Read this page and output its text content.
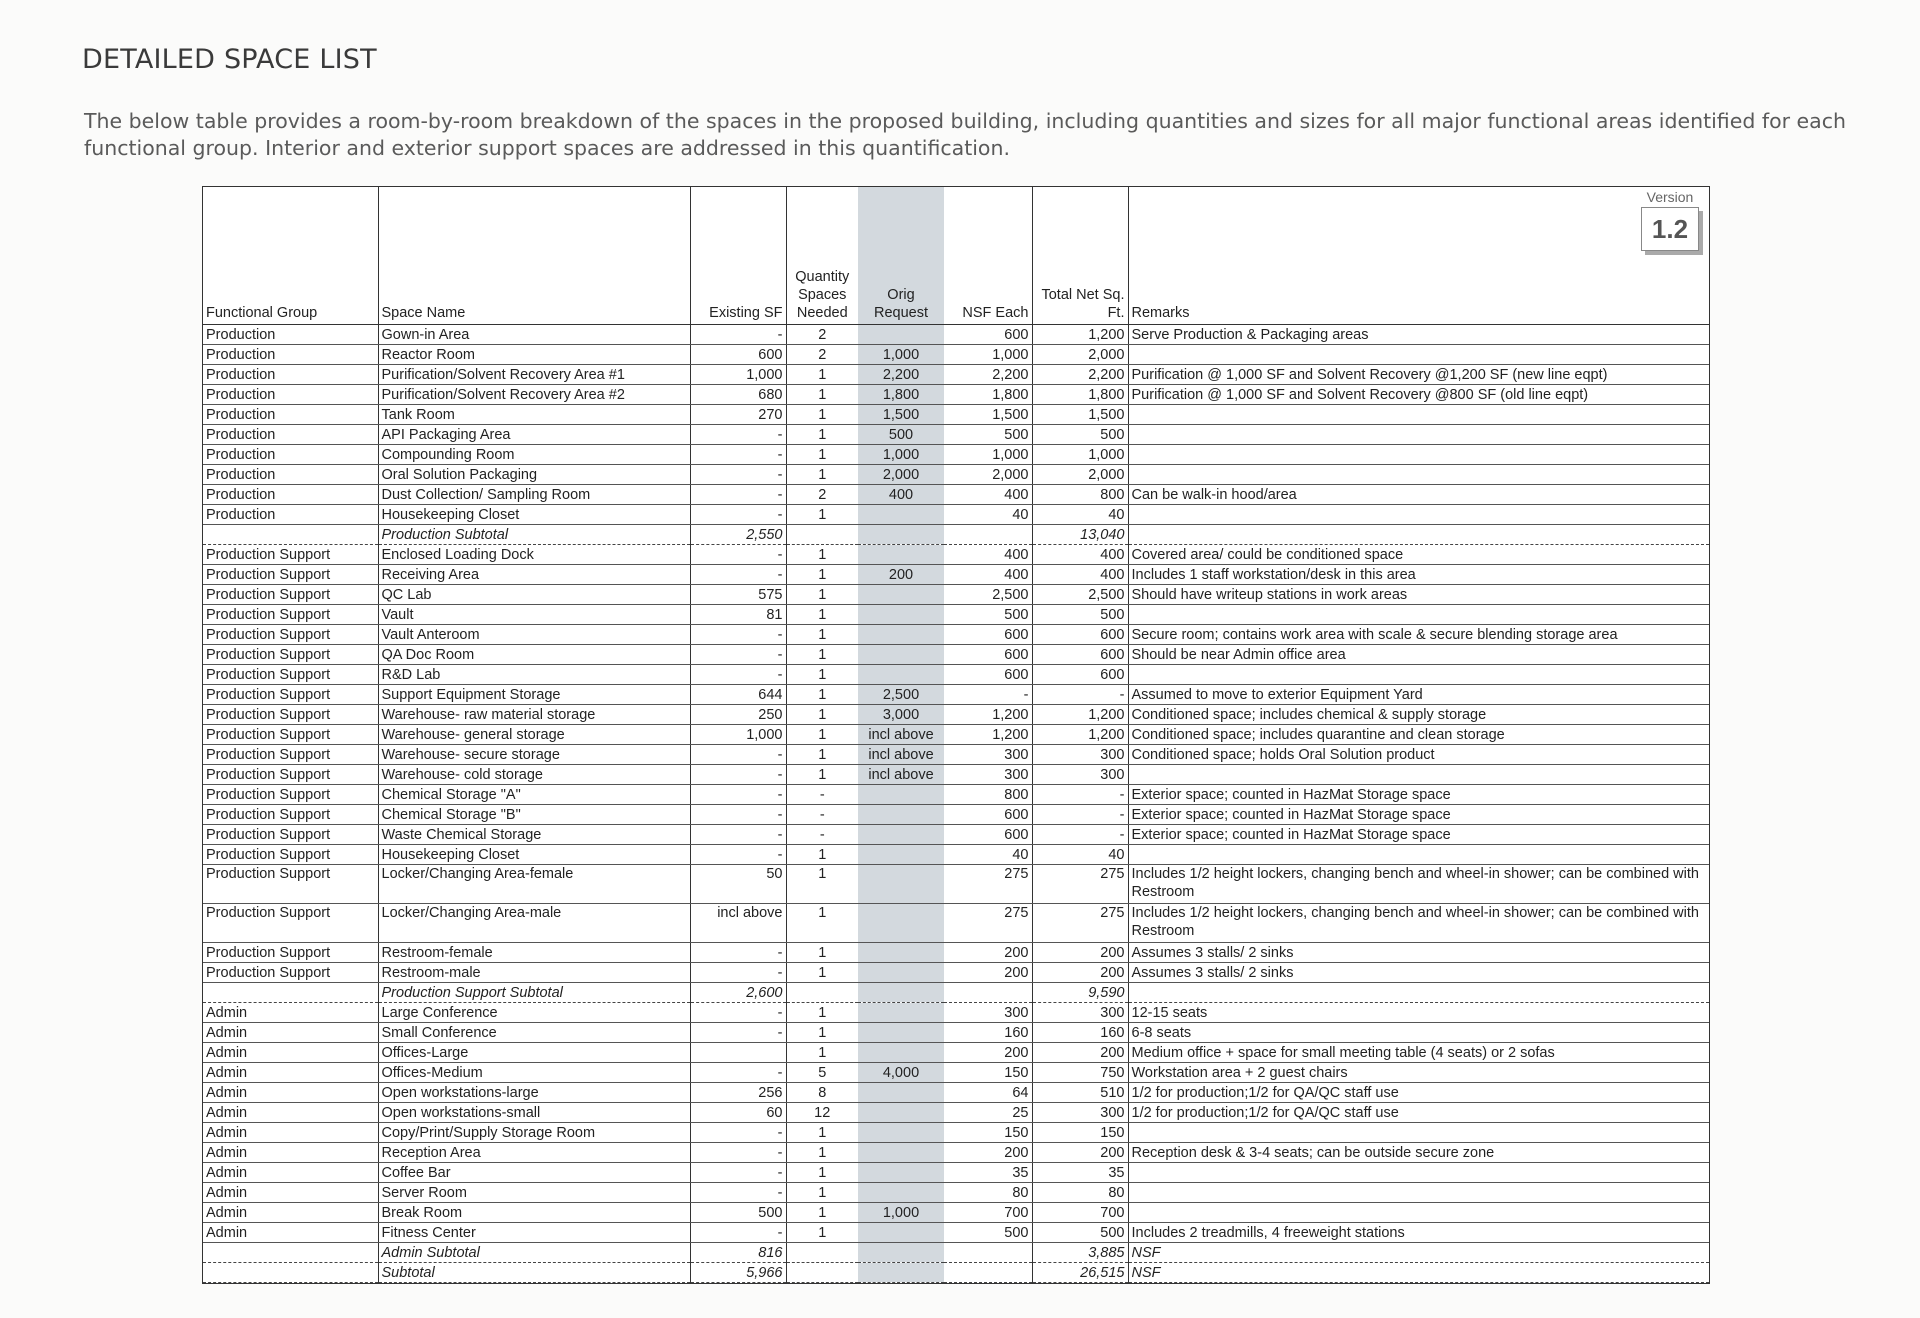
DETAILED SPACE LIST

The below table provides a room-by-room breakdown of the spaces in the proposed building, including quantities and sizes for all major functional areas identified for each functional group. Interior and exterior support spaces are addressed in this quantification.

Version
1.2
Functional Group	Space Name	Existing SF	Quantity Spaces Needed	Orig Request	NSF Each	Total Net Sq. Ft.	Remarks
Production	Gown-in Area	-	2		600	1,200	Serve Production & Packaging areas
Production	Reactor Room	600	2	1,000	1,000	2,000	
Production	Purification/Solvent Recovery Area #1	1,000	1	2,200	2,200	2,200	Purification @ 1,000 SF and Solvent Recovery @1,200 SF (new line eqpt)
Production	Purification/Solvent Recovery Area #2	680	1	1,800	1,800	1,800	Purification @ 1,000 SF and Solvent Recovery @800 SF (old line eqpt)
Production	Tank Room	270	1	1,500	1,500	1,500	
Production	API Packaging Area	-	1	500	500	500	
Production	Compounding Room	-	1	1,000	1,000	1,000	
Production	Oral Solution Packaging	-	1	2,000	2,000	2,000	
Production	Dust Collection/ Sampling Room	-	2	400	400	800	Can be walk-in hood/area
Production	Housekeeping Closet	-	1		40	40	
	Production Subtotal	2,550				13,040	
Production Support	Enclosed Loading Dock	-	1		400	400	Covered area/ could be conditioned space
Production Support	Receiving Area	-	1	200	400	400	Includes 1 staff workstation/desk in this area
Production Support	QC Lab	575	1		2,500	2,500	Should have writeup stations in work areas
Production Support	Vault	81	1		500	500	
Production Support	Vault Anteroom	-	1		600	600	Secure room; contains work area with scale & secure blending storage area
Production Support	QA Doc Room	-	1		600	600	Should be near Admin office area
Production Support	R&D Lab	-	1		600	600	
Production Support	Support Equipment Storage	644	1	2,500	-	-	Assumed to move to exterior Equipment Yard
Production Support	Warehouse- raw material storage	250	1	3,000	1,200	1,200	Conditioned space; includes chemical & supply storage
Production Support	Warehouse- general storage	1,000	1	incl above	1,200	1,200	Conditioned space; includes quarantine and clean storage
Production Support	Warehouse- secure storage	-	1	incl above	300	300	Conditioned space; holds Oral Solution product
Production Support	Warehouse- cold storage	-	1	incl above	300	300	
Production Support	Chemical Storage "A"	-	-		800	-	Exterior space; counted in HazMat Storage space
Production Support	Chemical Storage "B"	-	-		600	-	Exterior space; counted in HazMat Storage space
Production Support	Waste Chemical Storage	-	-		600	-	Exterior space; counted in HazMat Storage space
Production Support	Housekeeping Closet	-	1		40	40	
Production Support	Locker/Changing Area-female	50	1		275	275	Includes 1/2 height lockers, changing bench and wheel-in shower; can be combined with Restroom
Production Support	Locker/Changing Area-male	incl above	1		275	275	Includes 1/2 height lockers, changing bench and wheel-in shower; can be combined with Restroom
Production Support	Restroom-female	-	1		200	200	Assumes 3 stalls/ 2 sinks
Production Support	Restroom-male	-	1		200	200	Assumes 3 stalls/ 2 sinks
	Production Support Subtotal	2,600				9,590	
Admin	Large Conference	-	1		300	300	12-15 seats
Admin	Small Conference	-	1		160	160	6-8 seats
Admin	Offices-Large		1		200	200	Medium office + space for small meeting table (4 seats) or 2 sofas
Admin	Offices-Medium	-	5	4,000	150	750	Workstation area + 2 guest chairs
Admin	Open workstations-large	256	8		64	510	1/2 for production;1/2 for QA/QC staff use
Admin	Open workstations-small	60	12		25	300	1/2 for production;1/2 for QA/QC staff use
Admin	Copy/Print/Supply Storage Room	-	1		150	150	
Admin	Reception Area	-	1		200	200	Reception desk & 3-4 seats; can be outside secure zone
Admin	Coffee Bar	-	1		35	35	
Admin	Server Room	-	1		80	80	
Admin	Break Room	500	1	1,000	700	700	
Admin	Fitness Center	-	1		500	500	Includes 2 treadmills, 4 freeweight stations
	Admin Subtotal	816				3,885	NSF
	Subtotal	5,966				26,515	NSF
